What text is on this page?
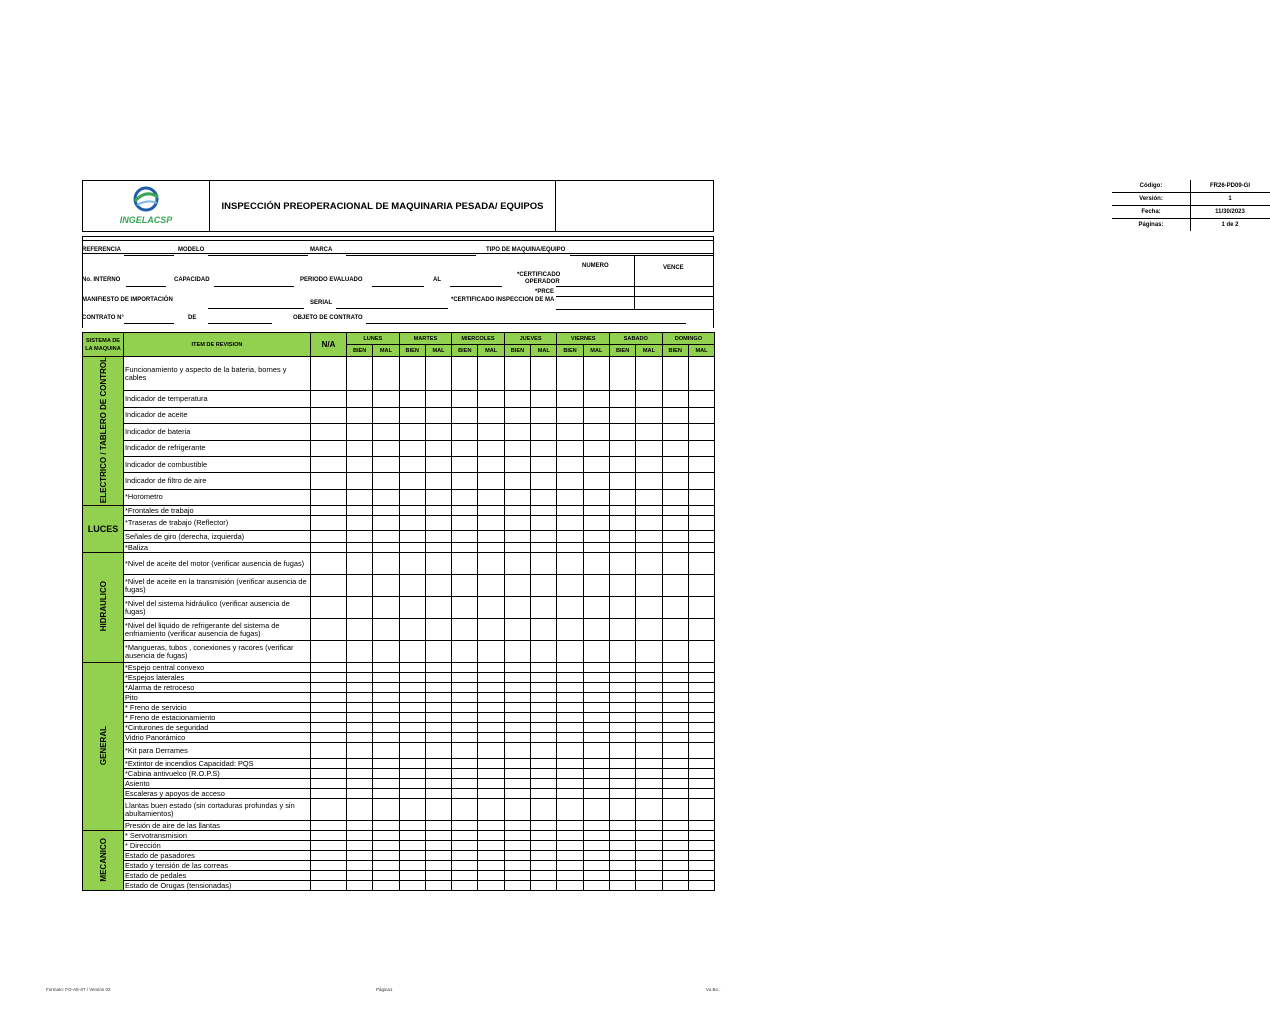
INGELACSP
INSPECCIÓN PREOPERACIONAL DE MAQUINARIA PESADA/ EQUIPOS
Código:	FR26-PD09-GI
Versión:	1
Fecha:	11/30/2023
Páginas:	1 de 2
REFERENCIA	MODELO	MARCA	TIPO DE MAQUINA/EQUIPO
NUMERO	VENCE
No. INTERNO	CAPACIDAD	PERIODO EVALUADO	AL
*CERTIFICADO
OPERADOR
*PRCE
MANIFIESTO DE IMPORTACIÓN	SERIAL	*CERTIFICADO INSPECCION DE MA
CONTRATO N°	DE	OBJETO DE CONTRATO
SISTEMA DE LA MAQUINA	ITEM DE REVISION	N/A	LUNES		MARTES		MIERCOLES		JUEVES		VIERNES		SABADO		DOMINGO	
			BIEN	MAL	BIEN	MAL	BIEN	MAL	BIEN	MAL	BIEN	MAL	BIEN	MAL	BIEN	MAL
ELECTRICO / TABLERO DE CONTROL	Funcionamiento y aspecto de la bateria, bornes y cables															
	Indicador de temperatura															
	Indicador de aceite															
	Indicador de bateria															
	Indicador de refrigerante															
	Indicador de combustible															
	Indicador de filtro de aire															
	*Horometro															
LUCES	*Frontales de trabajo															
	*Traseras de trabajo (Reflector)															
	Señales de giro (derecha, izquierda)															
	*Baliza															
HIDRAULICO	*Nivel de aceite del motor (verificar ausencia de fugas)															
	*Nivel de aceite en la transmisión (verificar ausencia de fugas)															
	*Nivel del sistema hidráulico (verificar ausencia de fugas)															
	*Nivel del liquido de refrigerante del sistema de enfriamiento (verificar ausencia de fugas)															
	*Mangueras, tubos , conexiones y racores (verificar ausencia de fugas)															
GENERAL	*Espejo central convexo															
	*Espejos laterales															
	*Alarma de retroceso															
	Pito															
	* Freno de servicio															
	* Freno de estacionamiento															
	*Cinturones de seguridad															
	Vidrio Panorámico															
	*Kit para Derrames															
	*Extintor de incendios Capacidad: PQS															
	*Cabina antivuelco (R.O.P.S)															
	Asiento															
	Escaleras y apoyos de acceso															
	Llantas buen estado (sin cortaduras profundas y sin abultamientos)															
	Presión de aire de las llantas															
MECANICO	* Servotransmision															
	* Dirección															
	Estado de pasadores															
	Estado y tensión de las correas															
	Estado de pedales															
	Estado de Orugas (tensionadas)															
Formato: FO-AE-07 / Versión 02	Página1	Vo.Bo.:
